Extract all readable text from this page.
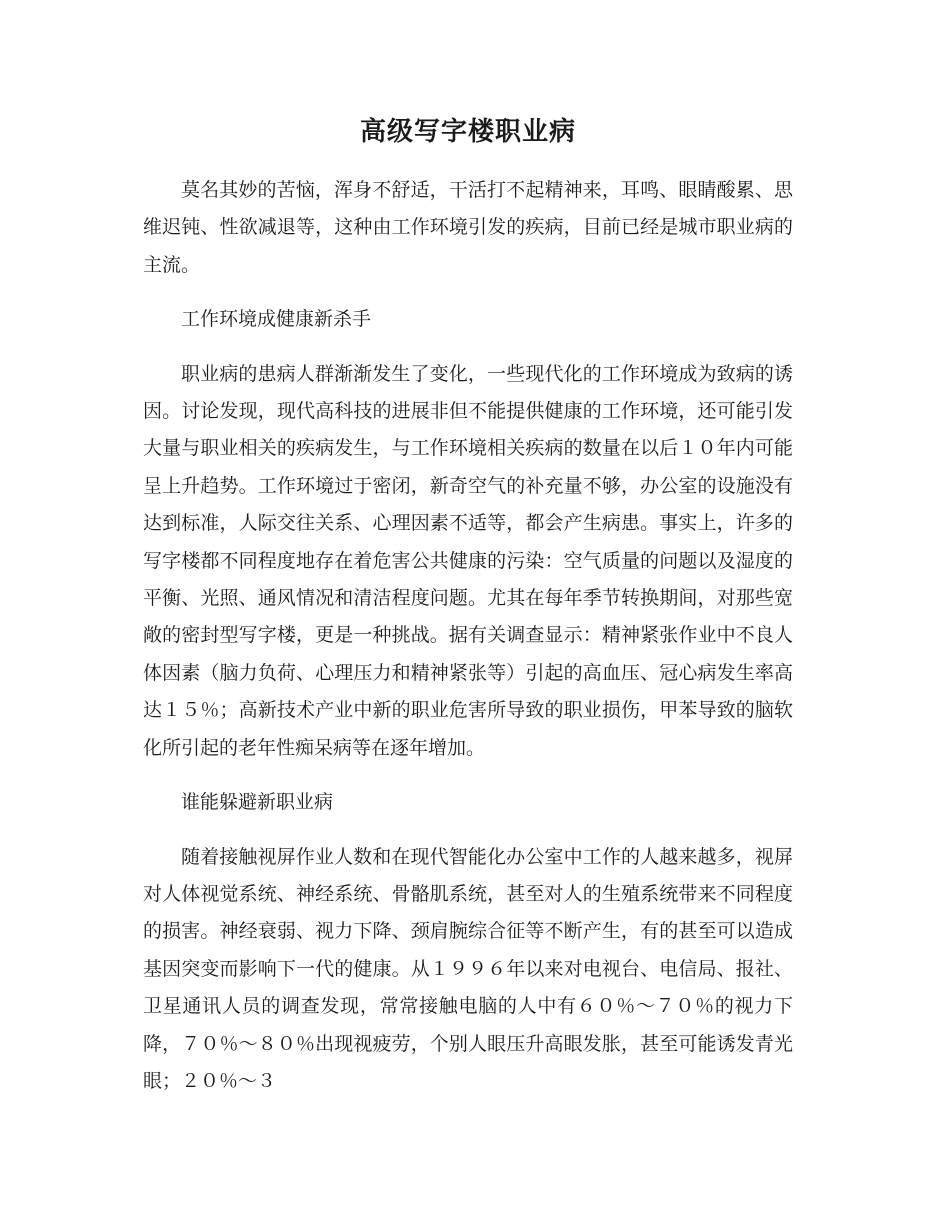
高级写字楼职业病

莫名其妙的苦恼，浑身不舒适，干活打不起精神来，耳鸣、眼睛酸累、思维迟钝、性欲减退等，这种由工作环境引发的疾病，目前已经是城市职业病的主流。

工作环境成健康新杀手

职业病的患病人群渐渐发生了变化，一些现代化的工作环境成为致病的诱因。讨论发现，现代高科技的进展非但不能提供健康的工作环境，还可能引发大量与职业相关的疾病发生，与工作环境相关疾病的数量在以后１０年内可能呈上升趋势。工作环境过于密闭，新奇空气的补充量不够，办公室的设施没有达到标准，人际交往关系、心理因素不适等，都会产生病患。事实上，许多的写字楼都不同程度地存在着危害公共健康的污染：空气质量的问题以及湿度的平衡、光照、通风情况和清洁程度问题。尤其在每年季节转换期间，对那些宽敞的密封型写字楼，更是一种挑战。据有关调查显示：精神紧张作业中不良人体因素（脑力负荷、心理压力和精神紧张等）引起的高血压、冠心病发生率高达１５％；高新技术产业中新的职业危害所导致的职业损伤，甲苯导致的脑软化所引起的老年性痴呆病等在逐年增加。

谁能躲避新职业病

随着接触视屏作业人数和在现代智能化办公室中工作的人越来越多，视屏对人体视觉系统、神经系统、骨骼肌系统，甚至对人的生殖系统带来不同程度的损害。神经衰弱、视力下降、颈肩腕综合征等不断产生，有的甚至可以造成基因突变而影响下一代的健康。从１９９６年以来对电视台、电信局、报社、卫星通讯人员的调查发现，常常接触电脑的人中有６０％～７０％的视力下降，７０％～８０％出现视疲劳，个别人眼压升高眼发胀，甚至可能诱发青光眼；２０％～３
